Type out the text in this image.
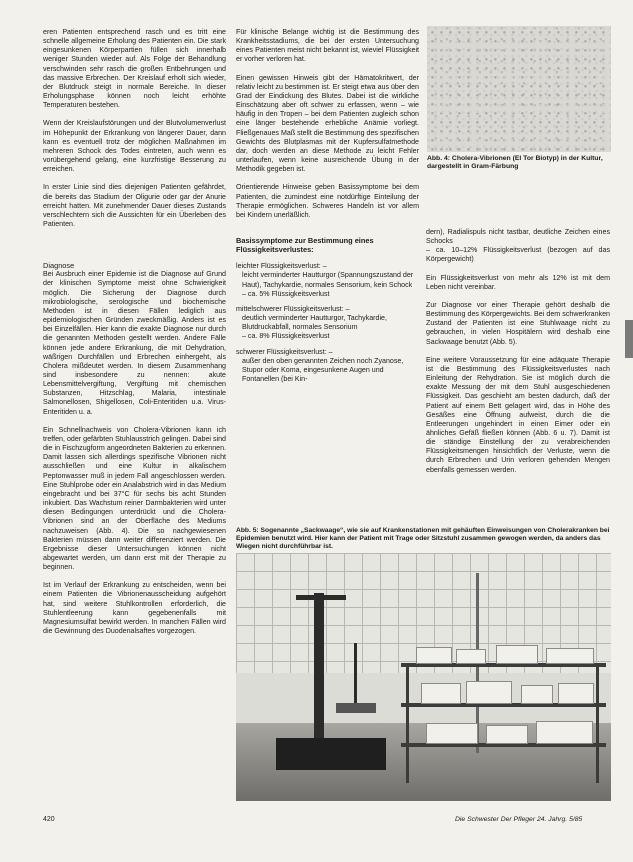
eren Patienten entsprechend rasch und es tritt eine schnelle allgemeine Erholung des Patienten ein. Die stark eingesunkenen Körperpartien füllen sich innerhalb weniger Stunden wieder auf. Als Folge der Behandlung verschwinden sehr rasch die großen Entbehrungen und das massive Erbrechen. Der Kreislauf erholt sich wieder, der Blutdruck steigt in normale Bereiche. In dieser Erholungsphase können noch leicht erhöhte Temperaturen bestehen.

Wenn der Kreislaufstörungen und der Blutvolumenverlust im Höhepunkt der Erkrankung von längerer Dauer, dann kann es eventuell trotz der möglichen Maßnahmen im mehreren Schock des Todes eintreten, auch wenn es vorübergehend gelang, eine kurzfristige Besserung zu erreichen.

In erster Linie sind dies diejenigen Patienten gefährdet, die bereits das Stadium der Oligurie oder gar der Anurie erreicht hatten. Mit zunehmender Dauer dieses Zustands verschlechtern sich die Aussichten für ein Überleben des Patienten.

Diagnose

Bei Ausbruch einer Epidemie ist die Diagnose auf Grund der klinischen Symptome meist ohne Schwierigkeit möglich. Die Sicherung der Diagnose durch mikrobiologische, serologische und biochemische Methoden ist in diesen Fällen lediglich aus epidemiologischen Gründen zweckmäßig. Anders ist es bei Einzelfällen. Hier kann die exakte Diagnose nur durch die genannten Methoden gestellt werden. Andere Fälle können jede andere Erkrankung, die mit Dehydration, wäßrigen Durchfällen und Erbrechen einhergeht, als Cholera mißdeutet werden. In diesem Zusammenhang sind insbesondere zu nennen: akute Lebensmittelvergiftung, Vergiftung mit chemischen Substanzen, Hitzschlag, Malaria, intestinale Salmonellosen, Shigellosen, Coli-Enteritiden u.a. Virus-Enteritiden u. a.

Ein Schnellnachweis von Cholera-Vibrionen kann ich treffen, oder gefärbten Stuhlausstrich gelingen. Dabei sind die in Fischzugform angeordneten Bakterien zu erkennen. Damit lassen sich allerdings spezifische Vibrionen nicht ausschließen und eine Kultur in alkalischem Peptonwasser muß in jedem Fall angeschlossen werden. Eine Stuhlprobe oder ein Analabstrich wird in das Medium eingebracht und bei 37°C für sechs bis acht Stunden inkubiert. Das Wachstum reiner Darmbakterien wird unter diesen Bedingungen unterdrückt und die Cholera-Vibrionen sind an der Oberfläche des Mediums nachzuweisen (Abb. 4). Die so nachgewiesenen Bakterien müssen dann weiter differenziert werden. Die Ergebnisse dieser Untersuchungen können nicht abgewartet werden, um dann erst mit der Therapie zu beginnen.

Ist im Verlauf der Erkrankung zu entscheiden, wenn bei einem Patienten die Vibrionenausscheidung aufgehört hat, sind weitere Stuhlkontrollen erforderlich, die Stuhlentleerung kann gegebenenfalls mit Magnesiumsulfat bewirkt werden. In manchen Fällen wird die Gewinnung des Duodenalsaftes vorgezogen.

Für klinische Belange wichtig ist die Bestimmung des Krankheitsstadiums, die bei der ersten Untersuchung eines Patienten meist nicht bekannt ist, wieviel Flüssigkeit er vorher verloren hat.

Einen gewissen Hinweis gibt der Hämatokritwert, der relativ leicht zu bestimmen ist. Er steigt etwa aus über den Grad der Eindickung des Blutes. Dabei ist die wirkliche Einschätzung aber oft schwer zu erfassen, wenn – wie häufig in den Tropen – bei dem Patienten zugleich schon eine länger bestehende erhebliche Anämie vorliegt. Fließgenaues Maß stellt die Bestimmung des spezifischen Gewichts des Blutplasmas mit der Kupfersulfatmethode dar, doch werden an diese Methode zu leicht Fehler unterlaufen, wenn keine ausreichende Übung in der Methodik gegeben ist.

Orientierende Hinweise geben Basissymptome bei dem Patienten, die zumindest eine notdürftige Einteilung der Therapie ermöglichen. Schweres Handeln ist vor allem bei Kindern unerläßlich.

Basissymptome zur Bestimmung eines Flüssigkeitsverlustes:
leichter Flüssigkeitsverlust: –
leicht verminderter Hautturgor (Spannungszustand der Haut), Tachykardie, normales Sensorium, kein Schock
– ca. 5% Flüssigkeitsverlust
mittelschwerer Flüssigkeitsverlust: –
deutlich verminderter Hautturgor, Tachykardie, Blutdruckabfall, normales Sensorium
– ca. 8% Flüssigkeitsverlust
schwerer Flüssigkeitsverlust: –
außer den oben genannten Zeichen noch Zyanose, Stupor oder Koma, eingesunkene Augen und Fontanellen (bei Kin-
Abb. 4: Cholera-Vibrionen (El Tor Biotyp) in der Kultur, dargestellt in Gram-Färbung

dern), Radialispuls nicht tastbar, deutliche Zeichen eines Schocks

– ca. 10–12% Flüssigkeitsverlust (bezogen auf das Körpergewicht)

Ein Flüssigkeitsverlust von mehr als 12% ist mit dem Leben nicht vereinbar.

Zur Diagnose vor einer Therapie gehört deshalb die Bestimmung des Körpergewichts. Bei dem schwerkranken Zustand der Patienten ist eine Stuhlwaage nicht zu gebrauchen, in vielen Hospitälern wird deshalb eine Sackwaage benutzt (Abb. 5).

Eine weitere Voraussetzung für eine adäquate Therapie ist die Bestimmung des Flüssigkeitsverlustes nach Einleitung der Rehydration. Sie ist möglich durch die exakte Messung der mit dem Stuhl ausgeschiedenen Flüssigkeit. Das geschieht am besten dadurch, daß der Patient auf einem Bett gelagert wird, das in Höhe des Gesäßes eine Öffnung aufweist, durch die die Entleerungen ungehindert in einen Eimer oder ein ähnliches Gefäß fließen können (Abb. 6 u. 7). Damit ist die ständige Einstellung der zu verabreichenden Flüssigkeitsmengen hinsichtlich der Verluste, wenn die durch Erbrechen und Urin verloren gehenden Mengen ebenfalls gemessen werden.

Abb. 5: Sogenannte „Sackwaage“, wie sie auf Krankenstationen mit gehäuften Einweisungen von Cholerakranken bei Epidemien benutzt wird. Hier kann der Patient mit Trage oder Sitzstuhl zusammen gewogen werden, da anders das Wiegen nicht durchführbar ist.
420	Die Schwester Der Pfleger 24. Jahrg. 5/85
